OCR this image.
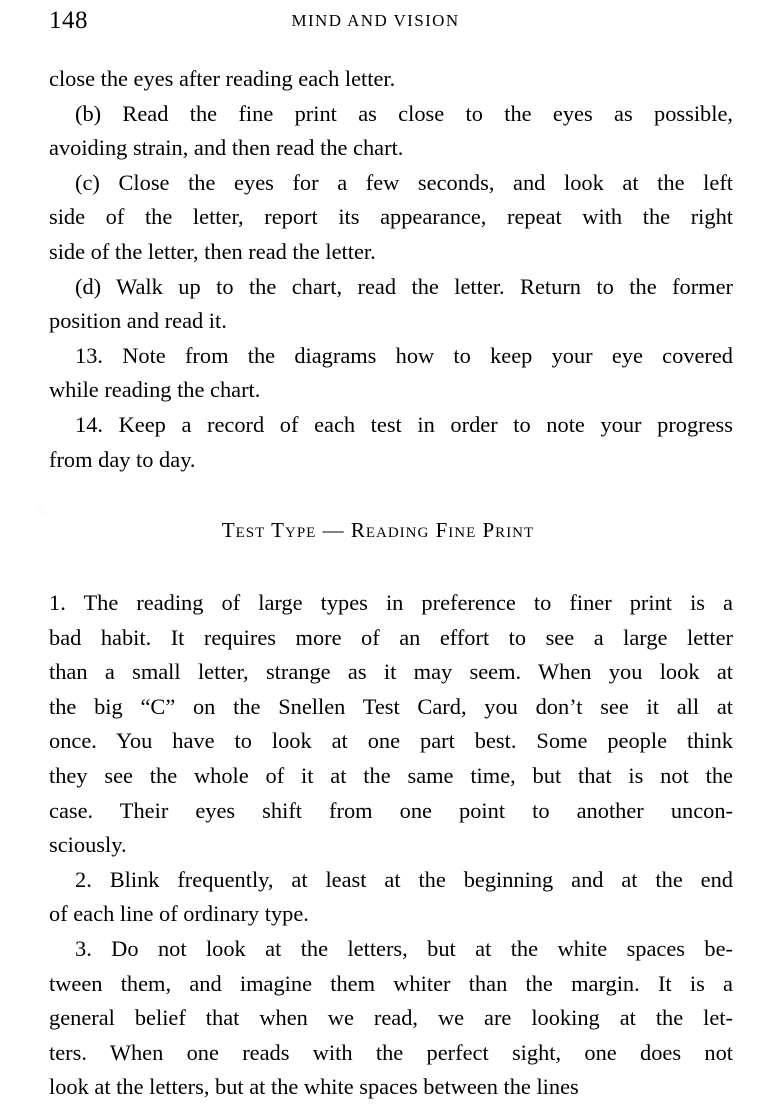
148	MIND AND VISION

close the eyes after reading each letter.

(b) Read the fine print as close to the eyes as possible,
avoiding strain, and then read the chart.

(c) Close the eyes for a few seconds, and look at the left
side of the letter, report its appearance, repeat with the right
side of the letter, then read the letter.

(d) Walk up to the chart, read the letter. Return to the former
position and read it.

13. Note from the diagrams how to keep your eye covered
while reading the chart.

14. Keep a record of each test in order to note your progress
from day to day.

Test Type — Reading Fine Print

1. The reading of large types in preference to finer print is a
bad habit. It requires more of an effort to see a large letter
than a small letter, strange as it may seem. When you look at
the big “C” on the Snellen Test Card, you don’t see it all at
once. You have to look at one part best. Some people think
they see the whole of it at the same time, but that is not the
case. Their eyes shift from one point to another uncon-
sciously.

2. Blink frequently, at least at the beginning and at the end
of each line of ordinary type.

3. Do not look at the letters, but at the white spaces be-
tween them, and imagine them whiter than the margin. It is a
general belief that when we read, we are looking at the let-
ters. When one reads with the perfect sight, one does not
look at the letters, but at the white spaces between the lines
